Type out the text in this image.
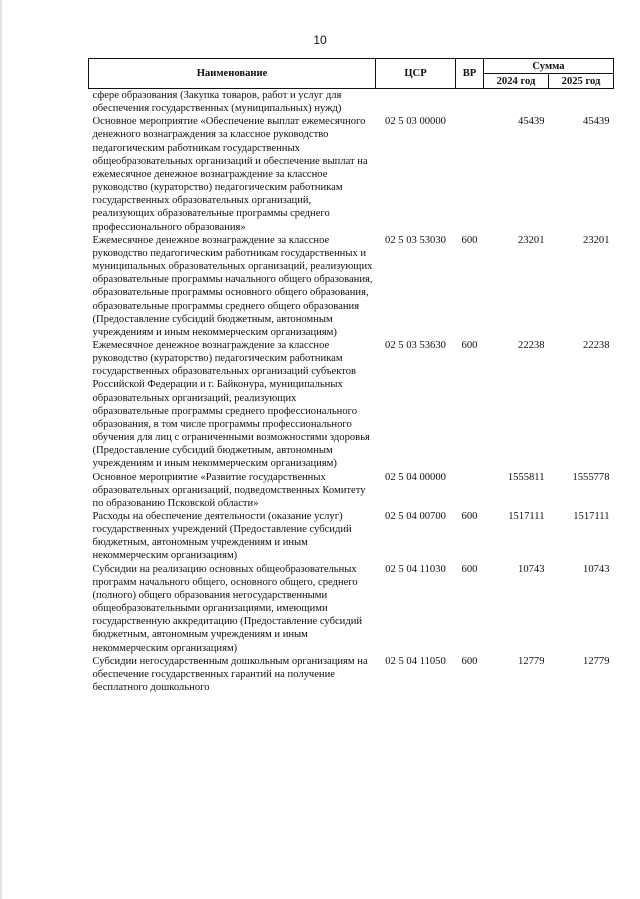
10
Наименование	ЦСР	ВР	Сумма	
			2024 год	2025 год
сфере образования (Закупка товаров, работ и услуг для обеспечения государственных (муниципальных) нужд)				
Основное мероприятие «Обеспечение выплат ежемесячного денежного вознаграждения за классное руководство педагогическим работникам государственных общеобразовательных организаций и обеспечение выплат на ежемесячное денежное вознаграждение за классное руководство (кураторство) педагогическим работникам государственных образовательных организаций, реализующих образовательные программы среднего профессионального образования»	02 5 03 00000		45439	45439
Ежемесячное денежное вознаграждение за классное руководство педагогическим работникам государственных и муниципальных образовательных организаций, реализующих образовательные программы начального общего образования, образовательные программы основного общего образования, образовательные программы среднего общего образования (Предоставление субсидий бюджетным, автономным учреждениям и иным некоммерческим организациям)	02 5 03 53030	600	23201	23201
Ежемесячное денежное вознаграждение за классное руководство (кураторство) педагогическим работникам государственных образовательных организаций субъектов Российской Федерации и г. Байконура, муниципальных образовательных организаций, реализующих образовательные программы среднего профессионального образования, в том числе программы профессионального обучения для лиц с ограниченными возможностями здоровья (Предоставление субсидий бюджетным, автономным учреждениям и иным некоммерческим организациям)	02 5 03 53630	600	22238	22238
Основное мероприятие «Развитие государственных образовательных организаций, подведомственных Комитету по образованию Псковской области»	02 5 04 00000		1555811	1555778
Расходы на обеспечение деятельности (оказание услуг) государственных учреждений (Предоставление субсидий бюджетным, автономным учреждениям и иным некоммерческим организациям)	02 5 04 00700	600	1517111	1517111
Субсидии на реализацию основных общеобразовательных программ начального общего, основного общего, среднего (полного) общего образования негосударственными общеобразовательными организациями, имеющими государственную аккредитацию (Предоставление субсидий бюджетным, автономным учреждениям и иным некоммерческим организациям)	02 5 04 11030	600	10743	10743
Субсидии негосударственным дошкольным организациям на обеспечение государственных гарантий на получение бесплатного дошкольного	02 5 04 11050	600	12779	12779
